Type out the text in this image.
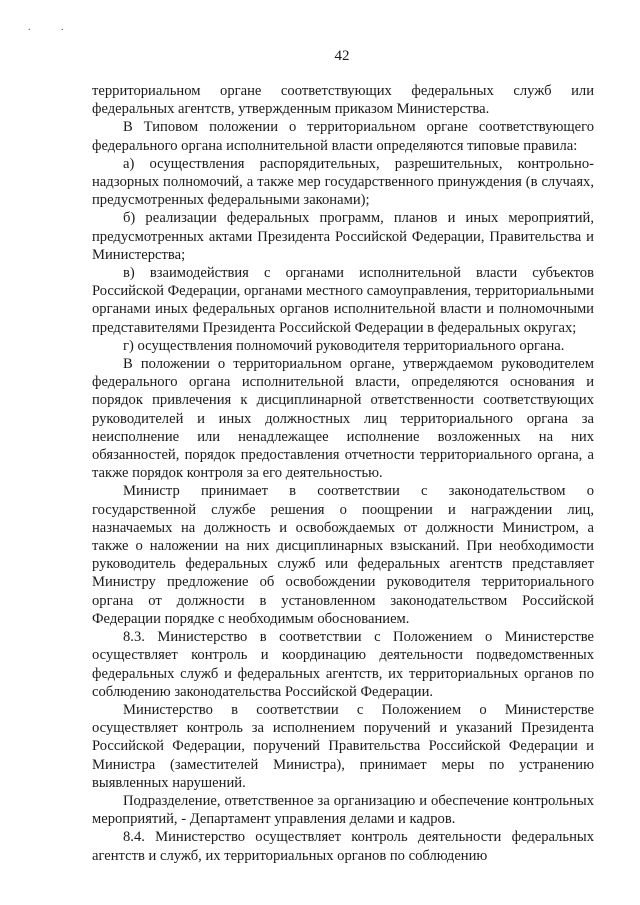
. .
42

территориальном органе соответствующих федеральных служб или федеральных агентств, утвержденным приказом Министерства.

В Типовом положении о территориальном органе соответствующего федерального органа исполнительной власти определяются типовые правила:

а) осуществления распорядительных, разрешительных, контрольно-надзорных полномочий, а также мер государственного принуждения (в случаях, предусмотренных федеральными законами);

б) реализации федеральных программ, планов и иных мероприятий, предусмотренных актами Президента Российской Федерации, Правительства и Министерства;

в) взаимодействия с органами исполнительной власти субъектов Российской Федерации, органами местного самоуправления, территориальными органами иных федеральных органов исполнительной власти и полномочными представителями Президента Российской Федерации в федеральных округах;

г) осуществления полномочий руководителя территориального органа.

В положении о территориальном органе, утверждаемом руководителем федерального органа исполнительной власти, определяются основания и порядок привлечения к дисциплинарной ответственности соответствующих руководителей и иных должностных лиц территориального органа за неисполнение или ненадлежащее исполнение возложенных на них обязанностей, порядок предоставления отчетности территориального органа, а также порядок контроля за его деятельностью.

Министр принимает в соответствии с законодательством о государственной службе решения о поощрении и награждении лиц, назначаемых на должность и освобождаемых от должности Министром, а также о наложении на них дисциплинарных взысканий. При необходимости руководитель федеральных служб или федеральных агентств представляет Министру предложение об освобождении руководителя территориального органа от должности в установленном законодательством Российской Федерации порядке с необходимым обоснованием.

8.3. Министерство в соответствии с Положением о Министерстве осуществляет контроль и координацию деятельности подведомственных федеральных служб и федеральных агентств, их территориальных органов по соблюдению законодательства Российской Федерации.

Министерство в соответствии с Положением о Министерстве осуществляет контроль за исполнением поручений и указаний Президента Российской Федерации, поручений Правительства Российской Федерации и Министра (заместителей Министра), принимает меры по устранению выявленных нарушений.

Подразделение, ответственное за организацию и обеспечение контрольных мероприятий, - Департамент управления делами и кадров.

8.4. Министерство осуществляет контроль деятельности федеральных агентств и служб, их территориальных органов по соблюдению
